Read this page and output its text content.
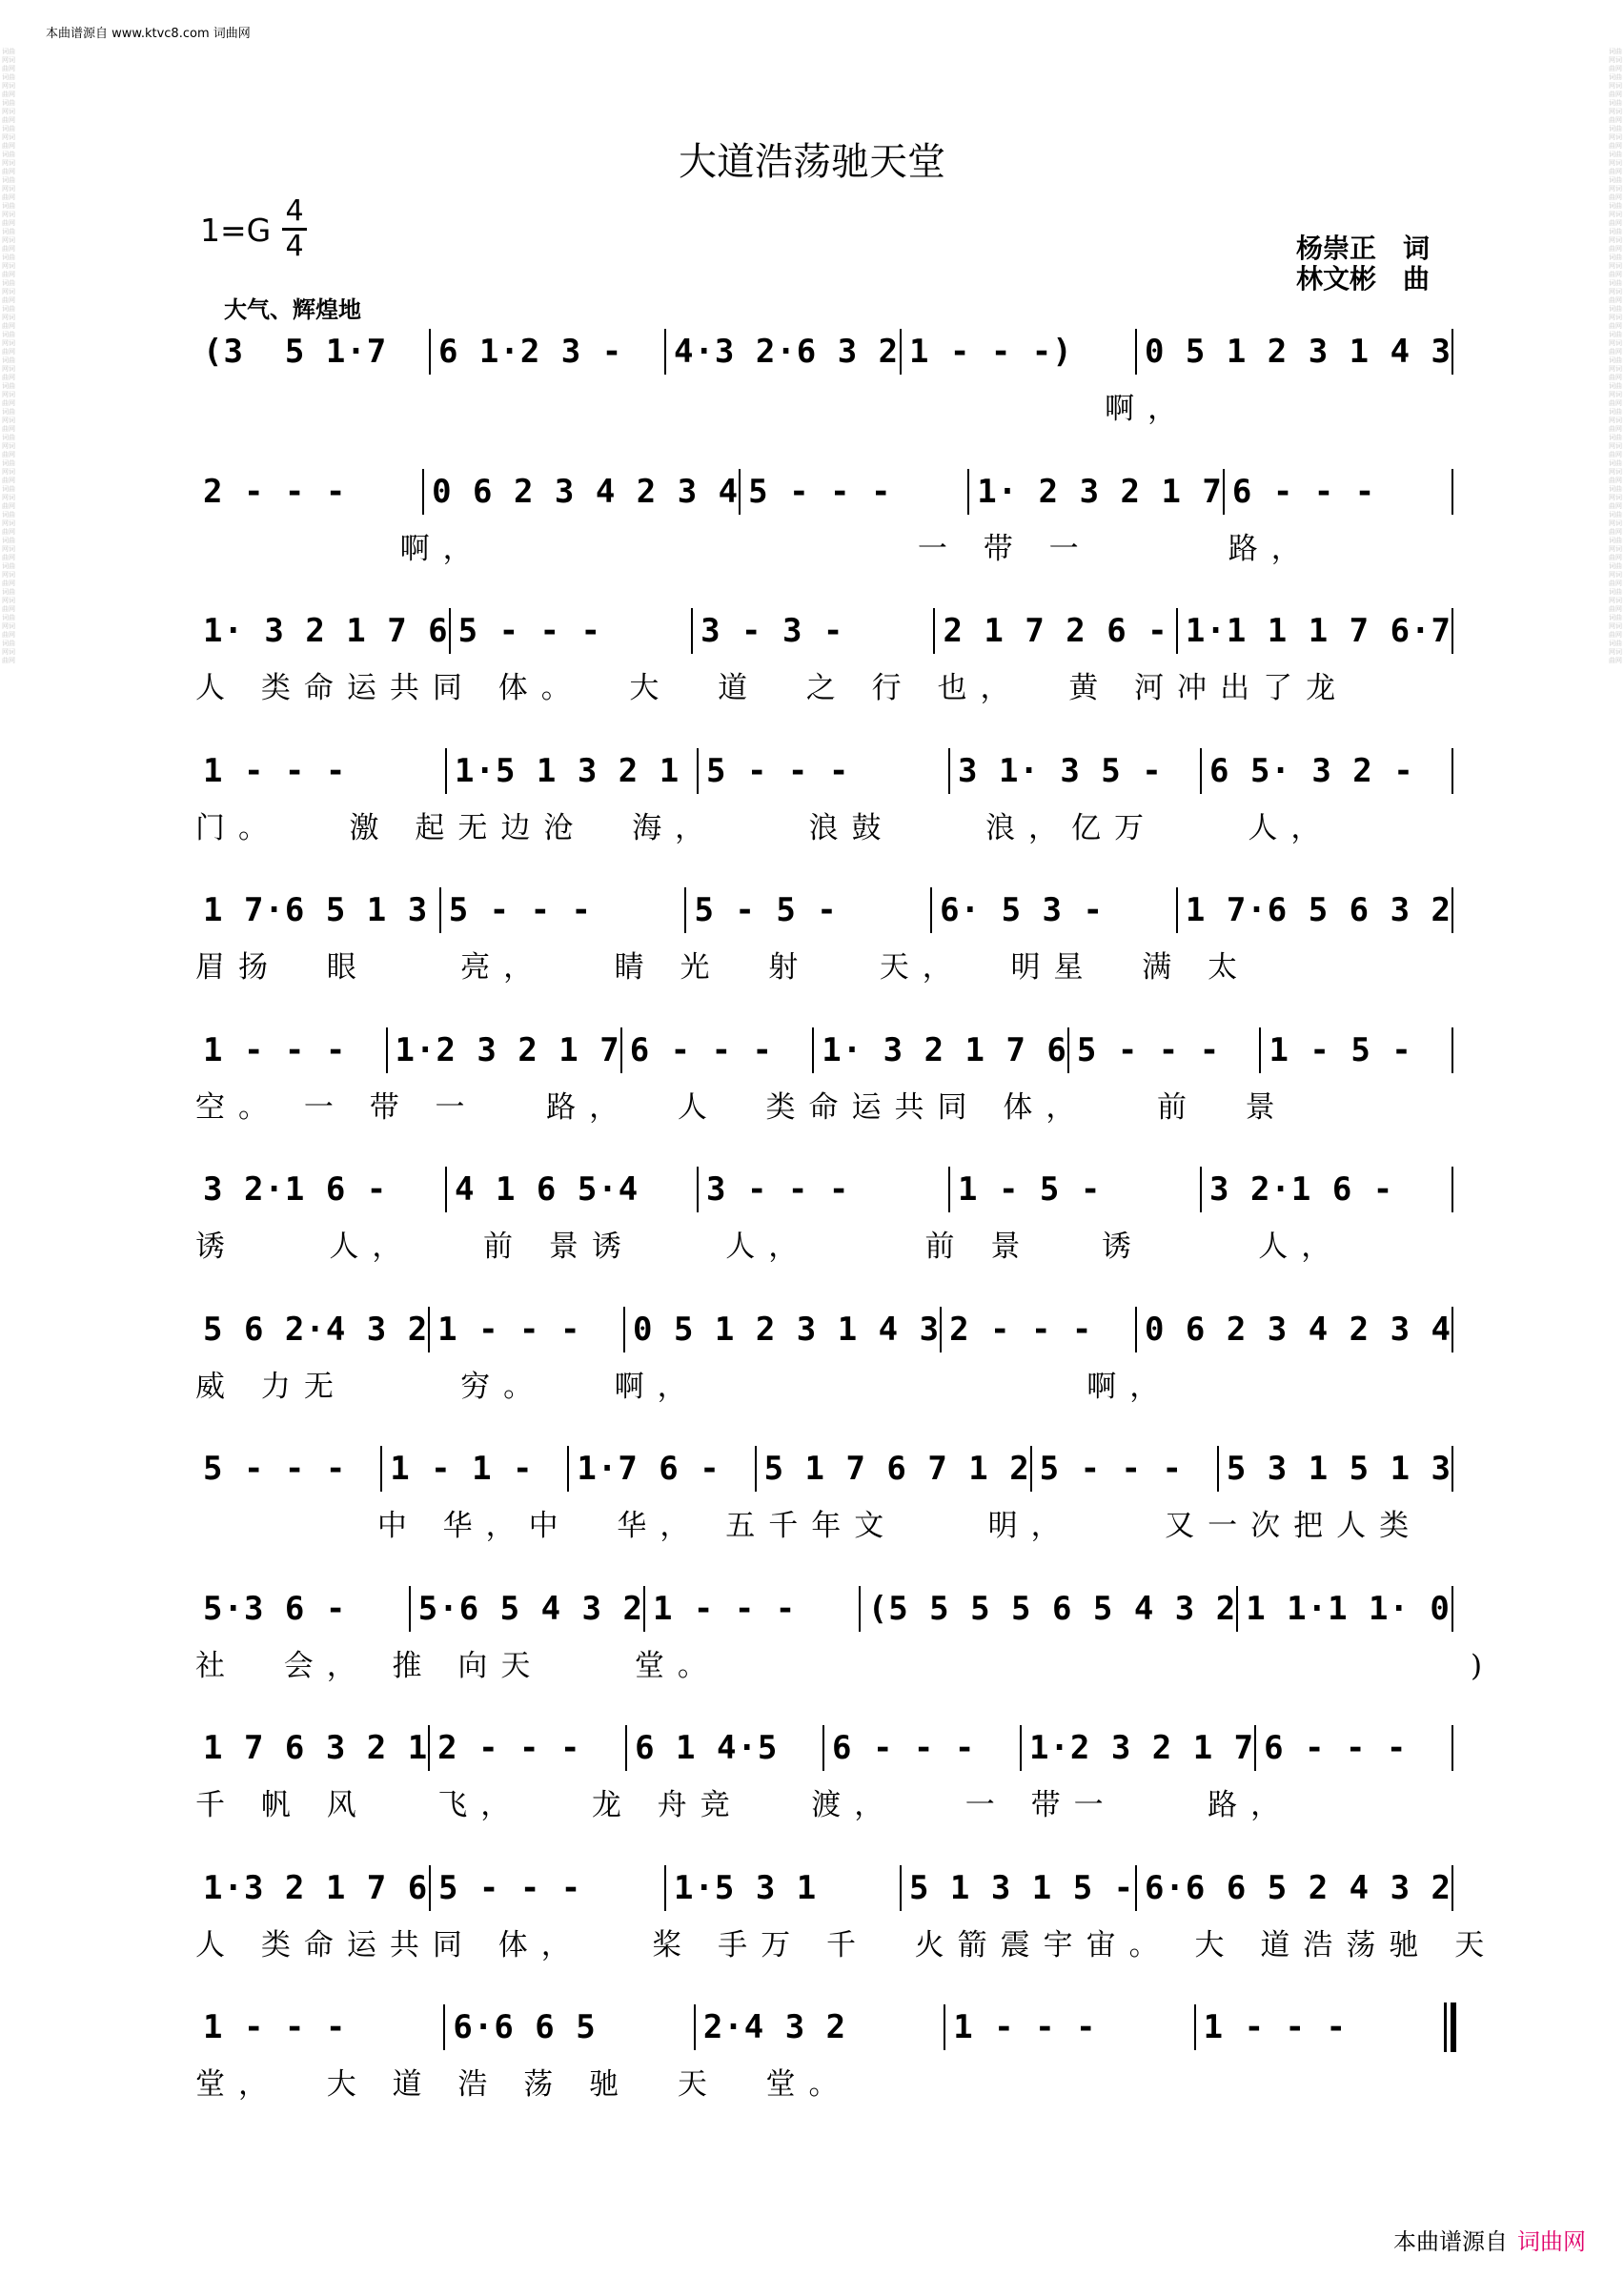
本曲谱源自 www.ktvc8.com 词曲网
词曲网词曲网词曲网词曲网词曲网词曲网词曲网词曲网词曲网词曲网词曲网词曲网词曲网词曲网词曲网词曲网词曲网词曲网词曲网词曲网词曲网词曲网词曲网词曲网词曲网词曲网词曲网词曲网词曲网词曲网词曲网词曲网词曲网词曲网词曲网词曲网词曲网词曲网词曲网词曲网词曲网词曲网词曲网词曲网词曲网词曲网词曲网词曲网
词曲网词曲网词曲网词曲网词曲网词曲网词曲网词曲网词曲网词曲网词曲网词曲网词曲网词曲网词曲网词曲网词曲网词曲网词曲网词曲网词曲网词曲网词曲网词曲网词曲网词曲网词曲网词曲网词曲网词曲网词曲网词曲网词曲网词曲网词曲网词曲网词曲网词曲网词曲网词曲网词曲网词曲网词曲网词曲网词曲网词曲网词曲网词曲网
大道浩荡驰天堂
1=G
4
4	杨崇正　词
林文彬　曲
大气、辉煌地
(3  5 1·7	6 1·2 3 -	4·3 2·6 3 2 1 - - -)	0 5 1 2 3 1 4 3
啊，
2 - - -	0 6 2 3 4 2 3 4 5 - - -	1· 2 3 2 1 7 6 - - -
啊，                   一 带 一      路，
1· 3 2 1 7 6 5 - - -	3 - 3 -	2 1 7 2 6 - 1·1 1 1 7 6·7
人 类命运共同 体。  大  道  之 行 也，  黄 河冲出了龙
1 - - -	1·5 1 3 2 1 5 - - -	3 1· 3 5 -	6 5· 3 2 -
门。   激 起无边沧  海，    浪鼓    浪，亿万    人，
1 7·6 5 1 3 5 - - -	5 - 5 -	6· 5 3 -	1 7·6 5 6 3 2
眉扬  眼    亮，   睛 光  射   天，  明星  满 太
1 - - -	1·2 3 2 1 7 6 - - -	1· 3 2 1 7 6 5 - - -	1 - 5 -
空。 一 带 一   路，  人  类命运共同 体，   前  景
3 2·1 6 -	4 1 6 5·4	3 - - -	1 - 5 -	3 2·1 6 -
诱    人，   前 景诱    人，     前 景   诱     人，
5 6 2·4 3 2 1 - - -	0 5 1 2 3 1 4 3 2 - - -	0 6 2 3 4 2 3 4
威 力无     穷。   啊，                 啊，
5 - - -	1 - 1 -	1·7 6 -	5 1 7 6 7 1 2 5 - - -	5 3 1 5 1 3
中 华，中  华， 五千年文    明，    又一次把人类
5·3 6 -	5·6 5 4 3 2 1 - - -	(5 5 5 5 6 5 4 3 2 1 1·1 1· 0
社  会， 推 向天    堂。                                 )
1 7 6 3 2 1 2 - - -	6 1 4·5	6 - - -	1·2 3 2 1 7 6 - - -
千 帆 风   飞，   龙 舟竞   渡，   一 带一    路，
1·3 2 1 7 6 5 - - -	1·5 3 1	5 1 3 1 5 - 6·6 6 5 2 4 3 2
人 类命运共同 体，   桨 手万 千  火箭震宇宙。 大 道浩荡驰 天
1 - - -	6·6 6 5	2·4 3 2	1 - - -	1 - - -
堂，  大 道 浩 荡 驰  天  堂。
本曲谱源自 词曲网
